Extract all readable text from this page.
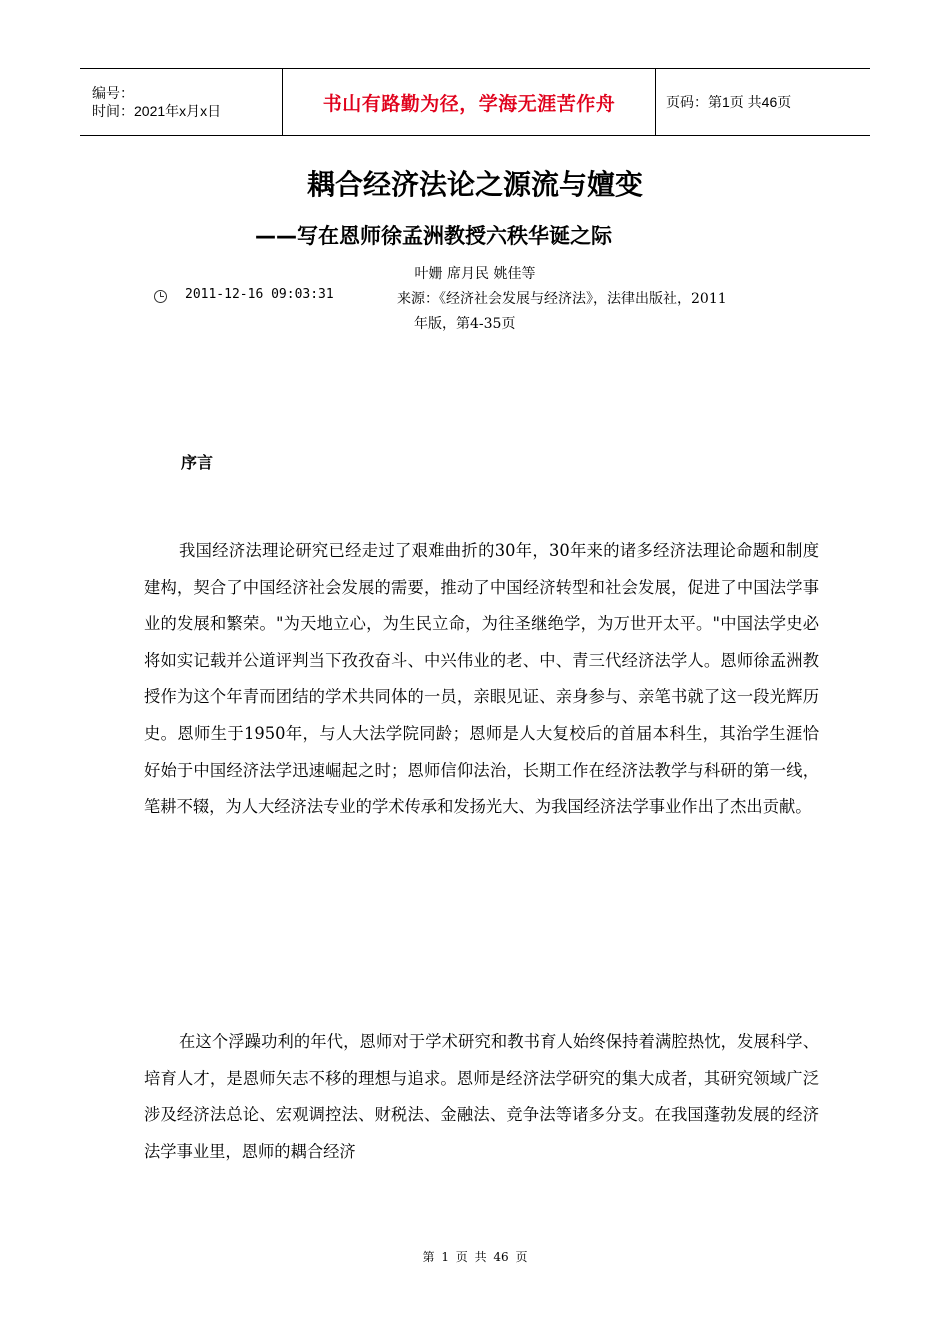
编号：
时间：2021年x月x日	书山有路勤为径，学海无涯苦作舟	页码：第1页 共46页
耦合经济法论之源流与嬗变
——写在恩师徐孟洲教授六秩华诞之际
叶姗 席月民 姚佳等
2011-12-16 09:03:31	来源：《经济社会发展与经济法》，法律出版社，2011
年版，第4-35页
序言

我国经济法理论研究已经走过了艰难曲折的30年，30年来的诸多经济法理论命题和制度建构，契合了中国经济社会发展的需要，推动了中国经济转型和社会发展，促进了中国法学事业的发展和繁荣。"为天地立心，为生民立命，为往圣继绝学，为万世开太平。"中国法学史必将如实记载并公道评判当下孜孜奋斗、中兴伟业的老、中、青三代经济法学人。恩师徐孟洲教授作为这个年青而团结的学术共同体的一员，亲眼见证、亲身参与、亲笔书就了这一段光辉历史。恩师生于1950年，与人大法学院同龄；恩师是人大复校后的首届本科生，其治学生涯恰好始于中国经济法学迅速崛起之时；恩师信仰法治，长期工作在经济法教学与科研的第一线，笔耕不辍，为人大经济法专业的学术传承和发扬光大、为我国经济法学事业作出了杰出贡献。

在这个浮躁功利的年代，恩师对于学术研究和教书育人始终保持着满腔热忱，发展科学、培育人才，是恩师矢志不移的理想与追求。恩师是经济法学研究的集大成者，其研究领域广泛涉及经济法总论、宏观调控法、财税法、金融法、竞争法等诸多分支。在我国蓬勃发展的经济法学事业里，恩师的耦合经济

第 1 页 共 46 页
